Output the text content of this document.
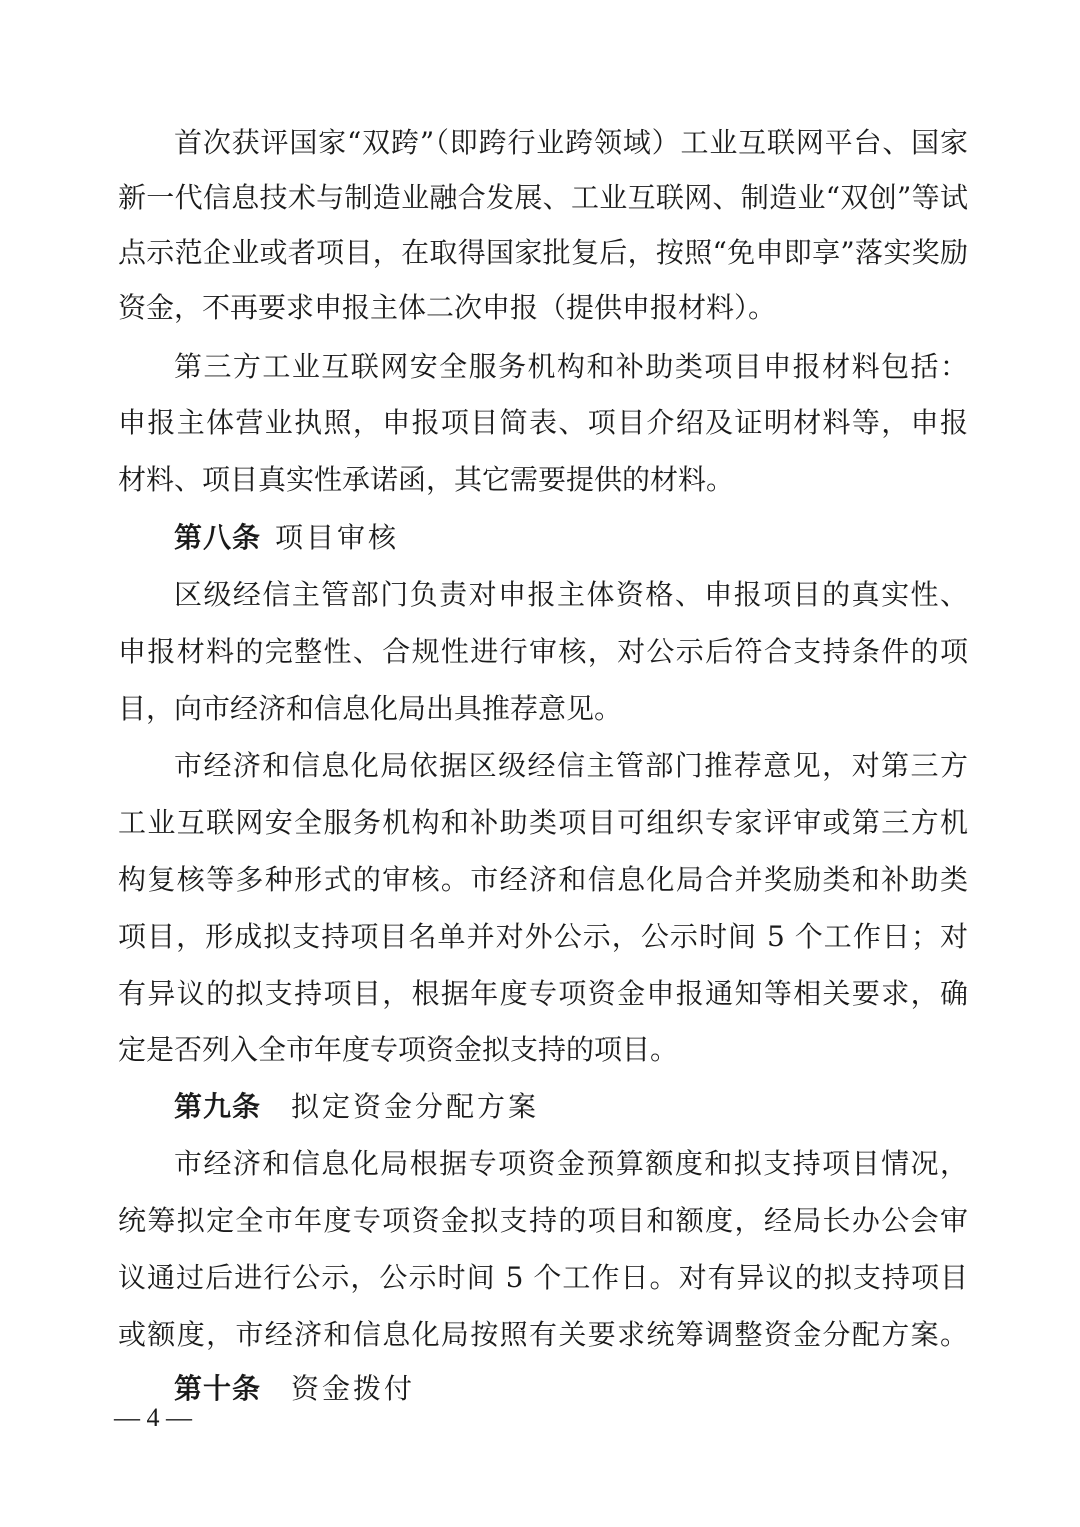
首次获评国家“双跨”（即跨行业跨领域）工业互联网平台、国家
新一代信息技术与制造业融合发展、工业互联网、制造业“双创”等试
点示范企业或者项目，在取得国家批复后，按照“免申即享”落实奖励
资金，不再要求申报主体二次申报（提供申报材料）。
第三方工业互联网安全服务机构和补助类项目申报材料包括：
申报主体营业执照，申报项目简表、项目介绍及证明材料等，申报
材料、项目真实性承诺函，其它需要提供的材料。
第八条 项目审核
区级经信主管部门负责对申报主体资格、申报项目的真实性、
申报材料的完整性、合规性进行审核，对公示后符合支持条件的项
目，向市经济和信息化局出具推荐意见。
市经济和信息化局依据区级经信主管部门推荐意见，对第三方
工业互联网安全服务机构和补助类项目可组织专家评审或第三方机
构复核等多种形式的审核。市经济和信息化局合并奖励类和补助类
项目，形成拟支持项目名单并对外公示，公示时间 5 个工作日；对
有异议的拟支持项目，根据年度专项资金申报通知等相关要求，确
定是否列入全市年度专项资金拟支持的项目。
第九条 拟定资金分配方案
市经济和信息化局根据专项资金预算额度和拟支持项目情况，
统筹拟定全市年度专项资金拟支持的项目和额度，经局长办公会审
议通过后进行公示，公示时间 5 个工作日。对有异议的拟支持项目
或额度，市经济和信息化局按照有关要求统筹调整资金分配方案。
第十条 资金拨付
— 4 —
